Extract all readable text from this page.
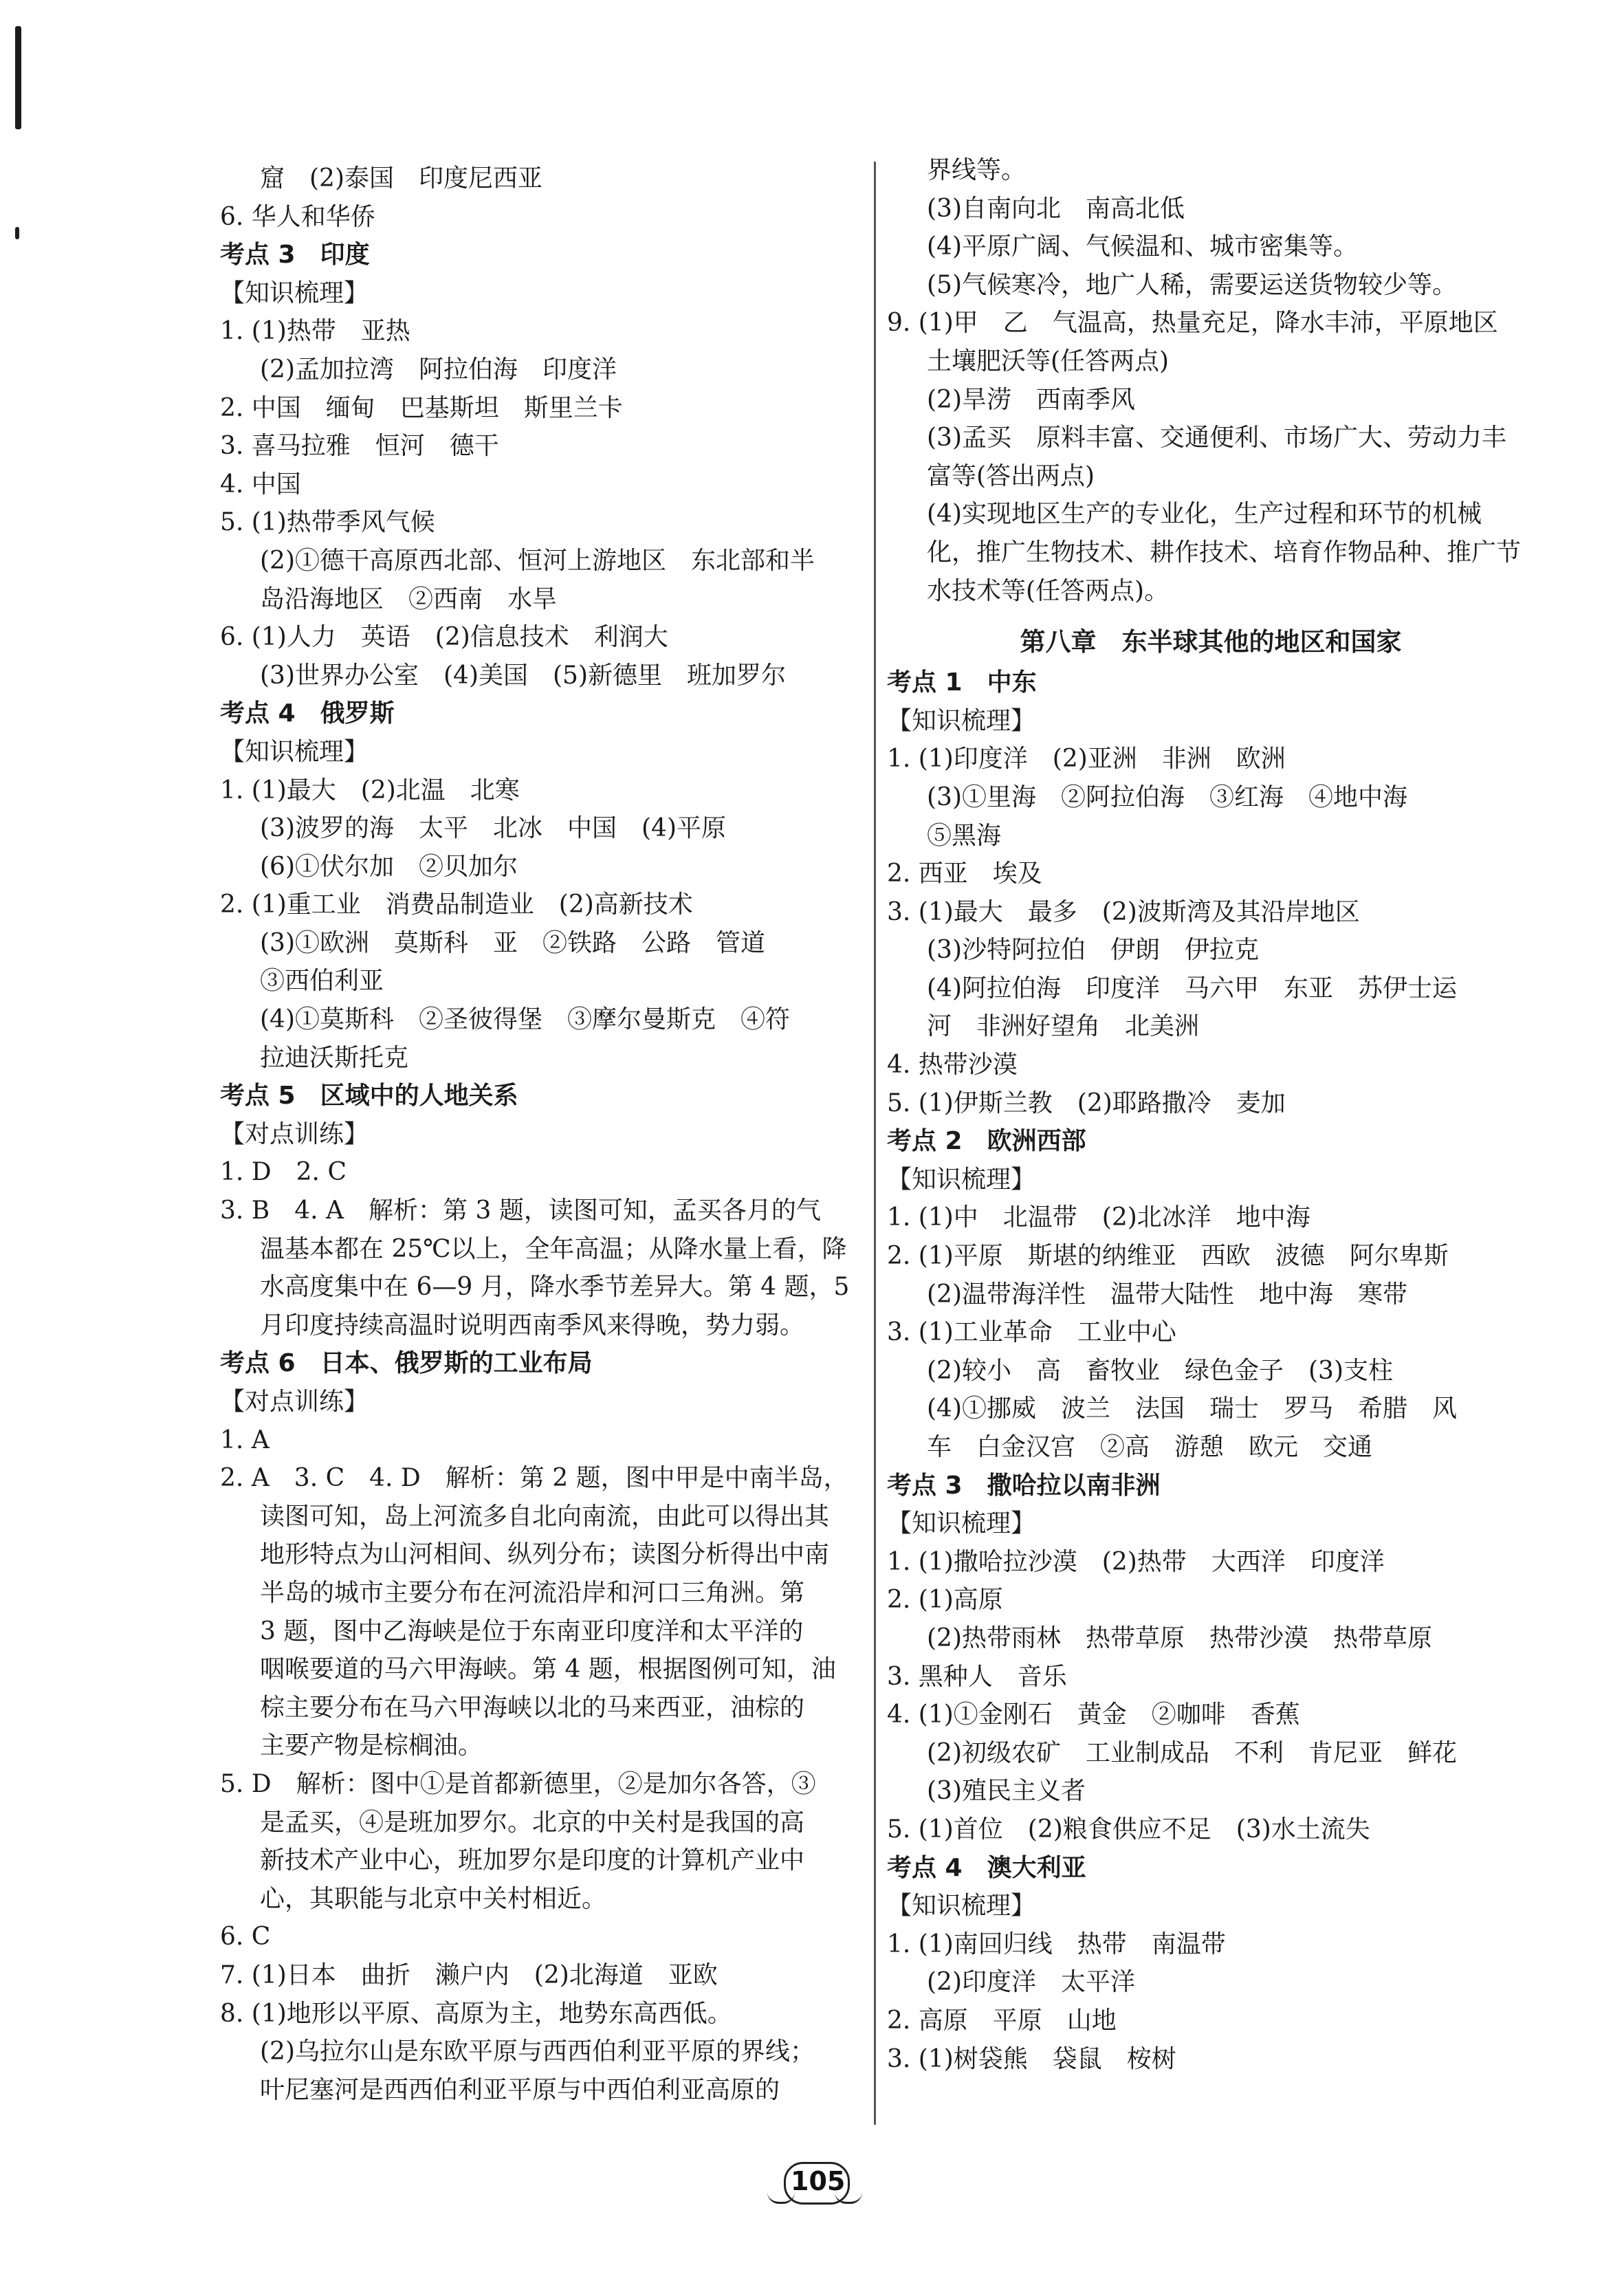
窟　(2)泰国　印度尼西亚
6. 华人和华侨
考点 3　印度
【知识梳理】
1. (1)热带　亚热
(2)孟加拉湾　阿拉伯海　印度洋
2. 中国　缅甸　巴基斯坦　斯里兰卡
3. 喜马拉雅　恒河　德干
4. 中国
5. (1)热带季风气候
(2)①德干高原西北部、恒河上游地区　东北部和半
岛沿海地区　②西南　水旱
6. (1)人力　英语　(2)信息技术　利润大
(3)世界办公室　(4)美国　(5)新德里　班加罗尔
考点 4　俄罗斯
【知识梳理】
1. (1)最大　(2)北温　北寒
(3)波罗的海　太平　北冰　中国　(4)平原
(6)①伏尔加　②贝加尔
2. (1)重工业　消费品制造业　(2)高新技术
(3)①欧洲　莫斯科　亚　②铁路　公路　管道
③西伯利亚
(4)①莫斯科　②圣彼得堡　③摩尔曼斯克　④符
拉迪沃斯托克
考点 5　区域中的人地关系
【对点训练】
1. D　2. C
3. B　4. A　解析：第 3 题，读图可知，孟买各月的气
温基本都在 25℃以上，全年高温；从降水量上看，降
水高度集中在 6—9 月，降水季节差异大。第 4 题，5
月印度持续高温时说明西南季风来得晚，势力弱。
考点 6　日本、俄罗斯的工业布局
【对点训练】
1. A
2. A　3. C　4. D　解析：第 2 题，图中甲是中南半岛，
读图可知，岛上河流多自北向南流，由此可以得出其
地形特点为山河相间、纵列分布；读图分析得出中南
半岛的城市主要分布在河流沿岸和河口三角洲。第
3 题，图中乙海峡是位于东南亚印度洋和太平洋的
咽喉要道的马六甲海峡。第 4 题，根据图例可知，油
棕主要分布在马六甲海峡以北的马来西亚，油棕的
主要产物是棕榈油。
5. D　解析：图中①是首都新德里，②是加尔各答，③
是孟买，④是班加罗尔。北京的中关村是我国的高
新技术产业中心，班加罗尔是印度的计算机产业中
心，其职能与北京中关村相近。
6. C
7. (1)日本　曲折　濑户内　(2)北海道　亚欧
8. (1)地形以平原、高原为主，地势东高西低。
(2)乌拉尔山是东欧平原与西西伯利亚平原的界线；
叶尼塞河是西西伯利亚平原与中西伯利亚高原的
界线等。
(3)自南向北　南高北低
(4)平原广阔、气候温和、城市密集等。
(5)气候寒冷，地广人稀，需要运送货物较少等。
9. (1)甲　乙　气温高，热量充足，降水丰沛，平原地区
土壤肥沃等(任答两点)
(2)旱涝　西南季风
(3)孟买　原料丰富、交通便利、市场广大、劳动力丰
富等(答出两点)
(4)实现地区生产的专业化，生产过程和环节的机械
化，推广生物技术、耕作技术、培育作物品种、推广节
水技术等(任答两点)。
第八章　东半球其他的地区和国家
考点 1　中东
【知识梳理】
1. (1)印度洋　(2)亚洲　非洲　欧洲
(3)①里海　②阿拉伯海　③红海　④地中海
⑤黑海
2. 西亚　埃及
3. (1)最大　最多　(2)波斯湾及其沿岸地区
(3)沙特阿拉伯　伊朗　伊拉克
(4)阿拉伯海　印度洋　马六甲　东亚　苏伊士运
河　非洲好望角　北美洲
4. 热带沙漠
5. (1)伊斯兰教　(2)耶路撒冷　麦加
考点 2　欧洲西部
【知识梳理】
1. (1)中　北温带　(2)北冰洋　地中海
2. (1)平原　斯堪的纳维亚　西欧　波德　阿尔卑斯
(2)温带海洋性　温带大陆性　地中海　寒带
3. (1)工业革命　工业中心
(2)较小　高　畜牧业　绿色金子　(3)支柱
(4)①挪威　波兰　法国　瑞士　罗马　希腊　风
车　白金汉宫　②高　游憩　欧元　交通
考点 3　撒哈拉以南非洲
【知识梳理】
1. (1)撒哈拉沙漠　(2)热带　大西洋　印度洋
2. (1)高原
(2)热带雨林　热带草原　热带沙漠　热带草原
3. 黑种人　音乐
4. (1)①金刚石　黄金　②咖啡　香蕉
(2)初级农矿　工业制成品　不利　肯尼亚　鲜花
(3)殖民主义者
5. (1)首位　(2)粮食供应不足　(3)水土流失
考点 4　澳大利亚
【知识梳理】
1. (1)南回归线　热带　南温带
(2)印度洋　太平洋
2. 高原　平原　山地
3. (1)树袋熊　袋鼠　桉树
105
